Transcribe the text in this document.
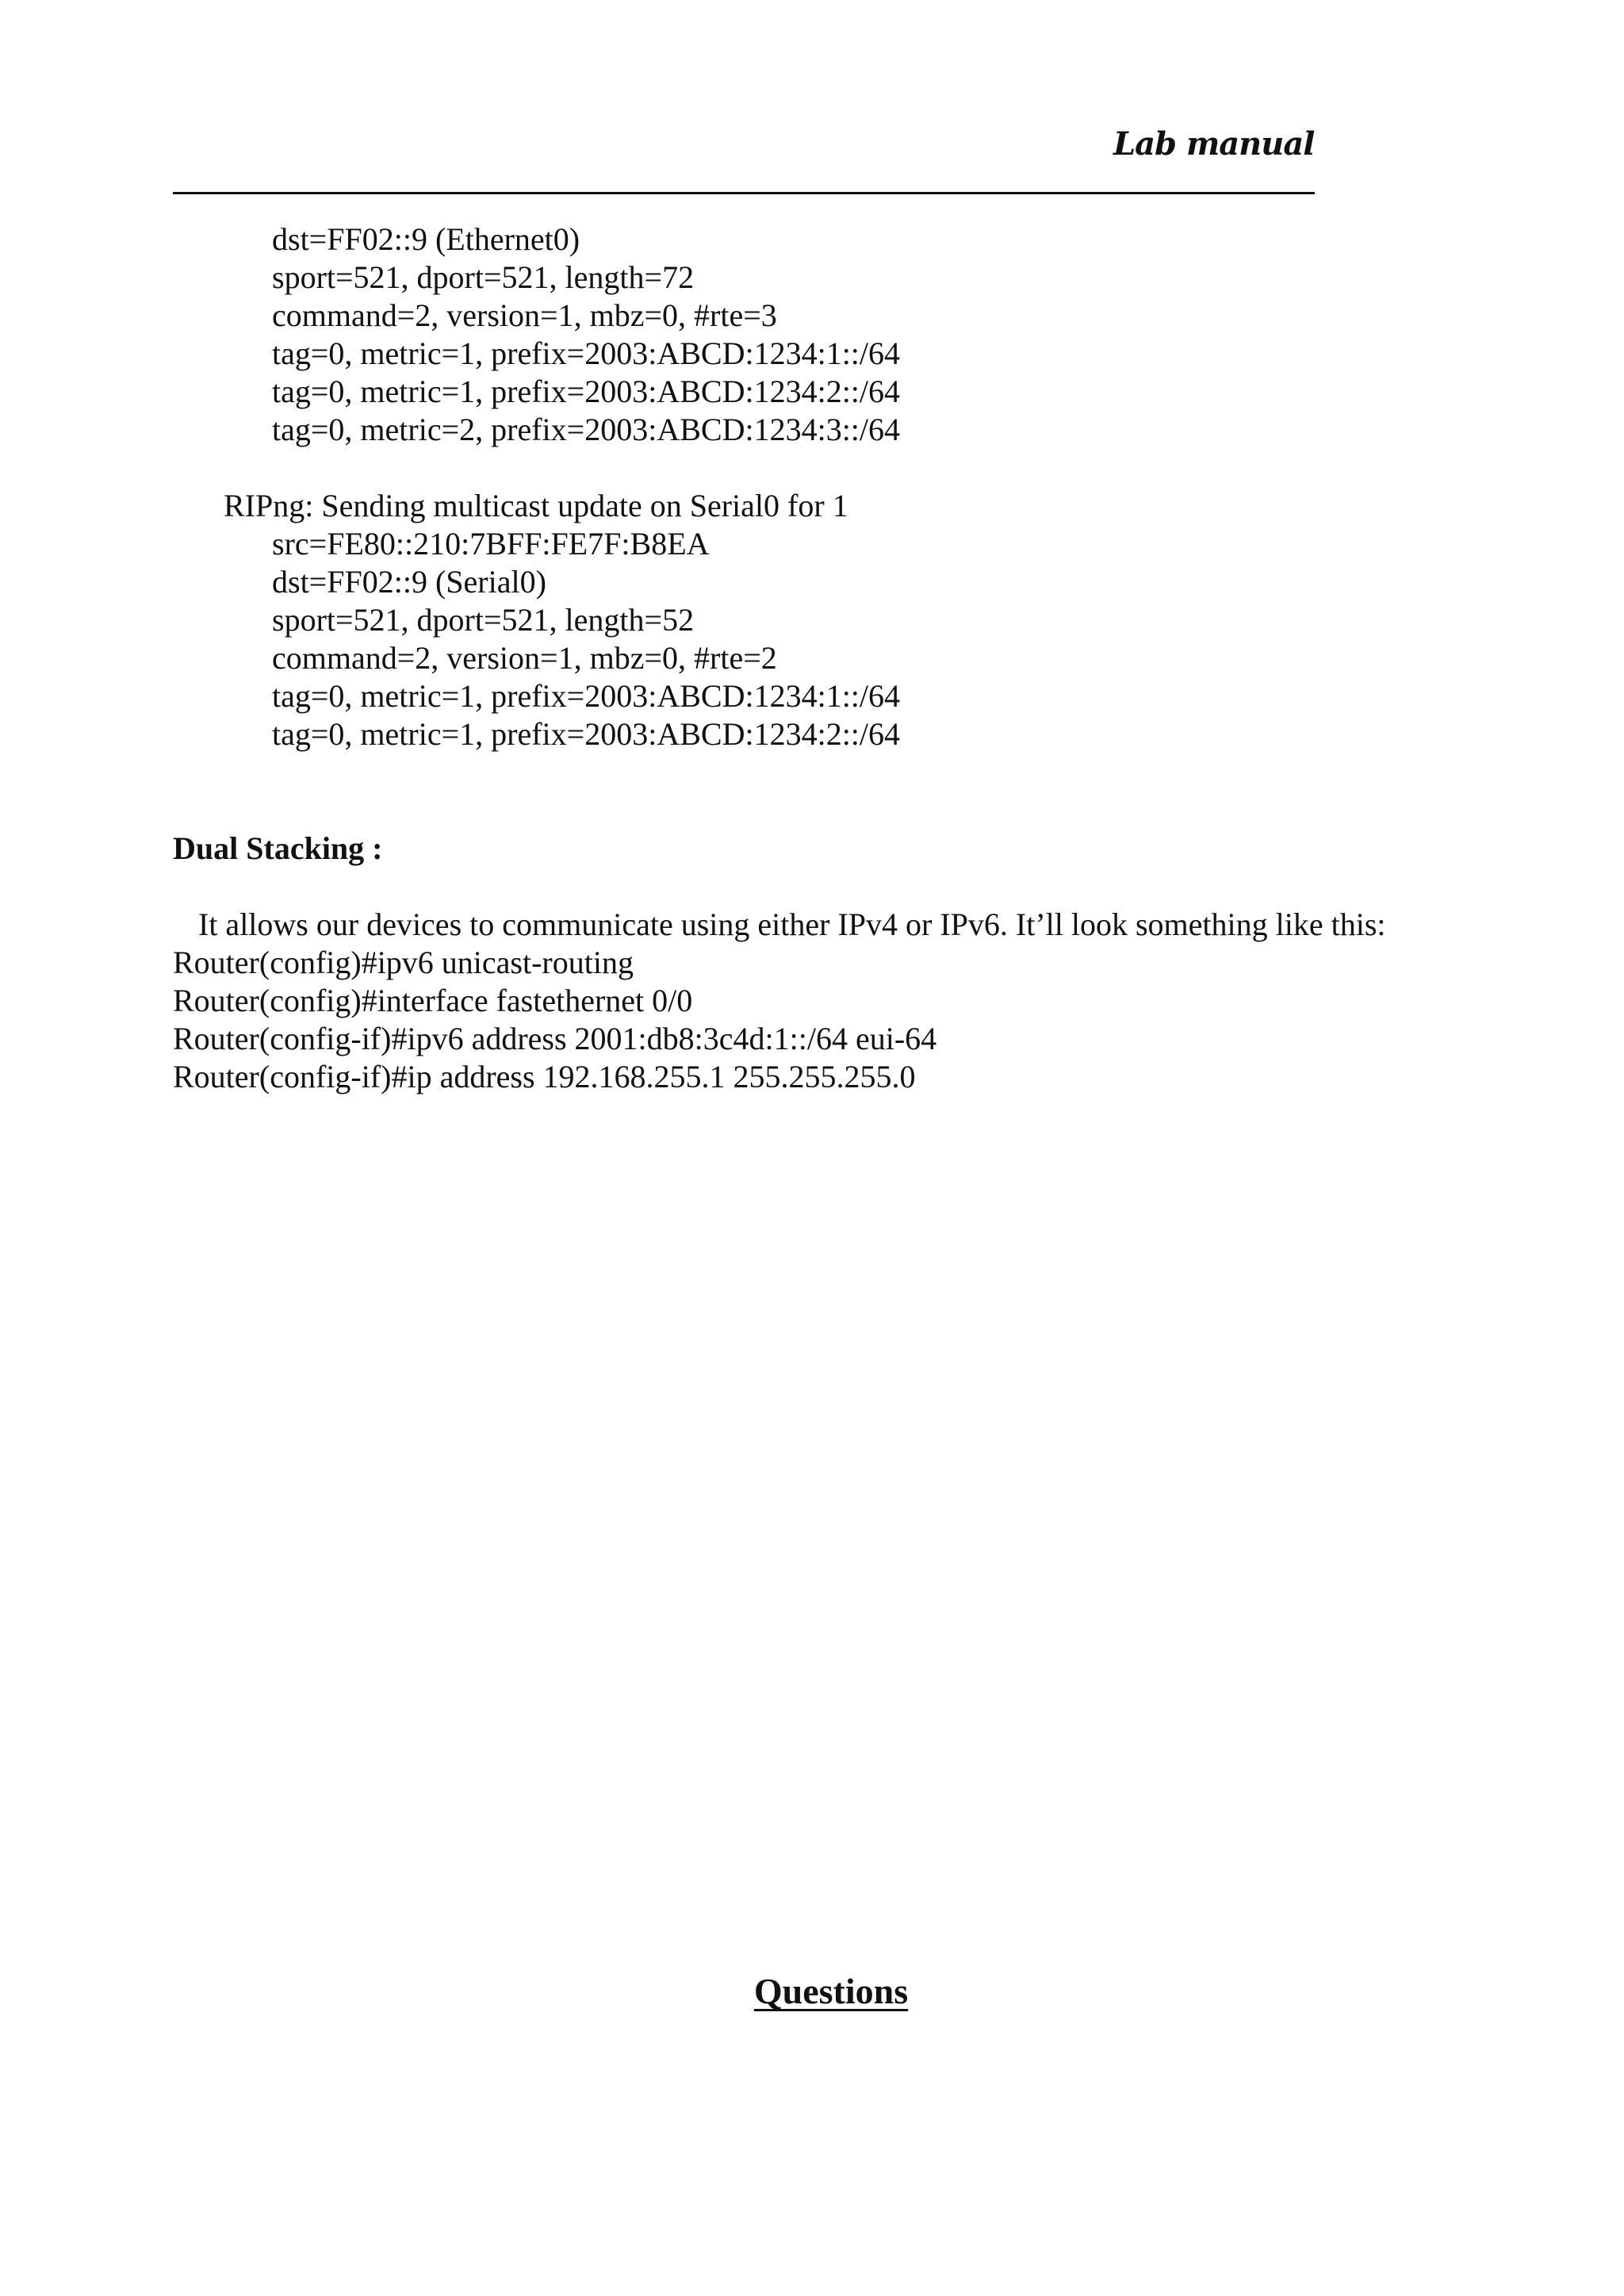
Lab manual
dst=FF02::9 (Ethernet0)
sport=521, dport=521, length=72
command=2, version=1, mbz=0, #rte=3
tag=0, metric=1, prefix=2003:ABCD:1234:1::/64
tag=0, metric=1, prefix=2003:ABCD:1234:2::/64
tag=0, metric=2, prefix=2003:ABCD:1234:3::/64
RIPng: Sending multicast update on Serial0 for 1
src=FE80::210:7BFF:FE7F:B8EA
dst=FF02::9 (Serial0)
sport=521, dport=521, length=52
command=2, version=1, mbz=0, #rte=2
tag=0, metric=1, prefix=2003:ABCD:1234:1::/64
tag=0, metric=1, prefix=2003:ABCD:1234:2::/64
Dual Stacking :
It allows our devices to communicate using either IPv4 or IPv6. It’ll look something like this:
Router(config)#ipv6 unicast-routing
Router(config)#interface fastethernet 0/0
Router(config-if)#ipv6 address 2001:db8:3c4d:1::/64 eui-64
Router(config-if)#ip address 192.168.255.1 255.255.255.0
Questions
